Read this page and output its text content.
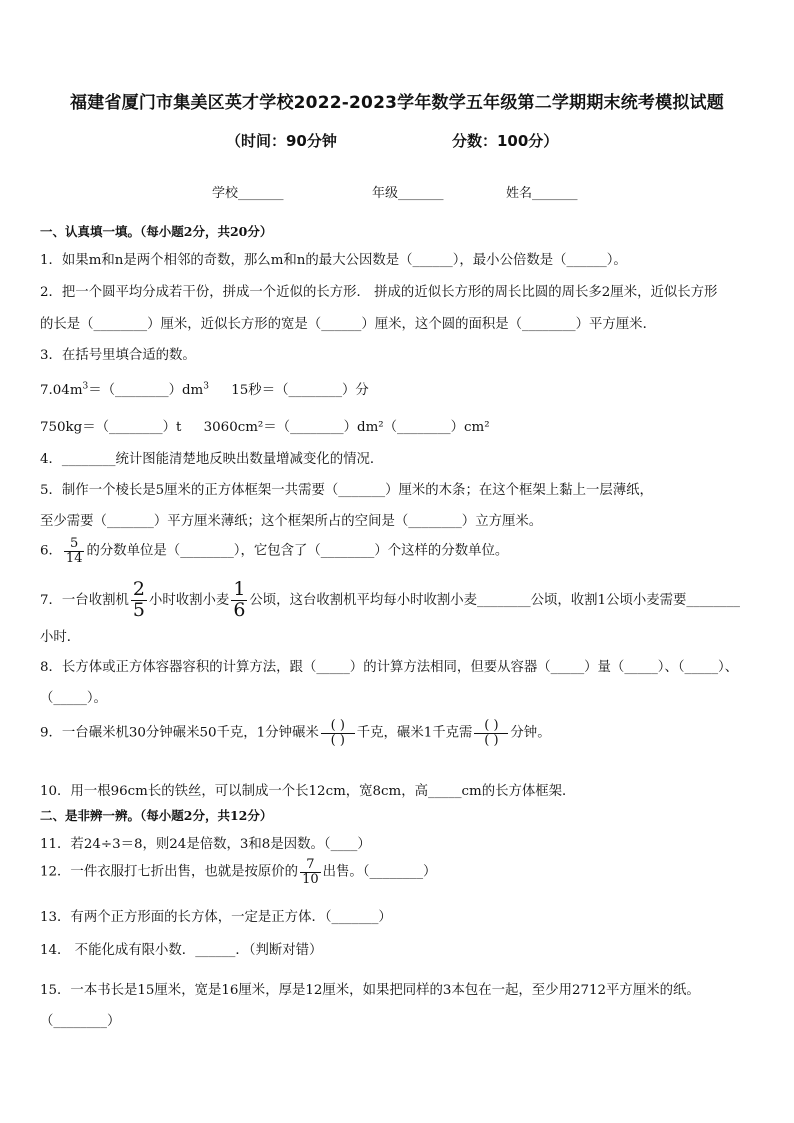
福建省厦门市集美区英才学校2022-2023学年数学五年级第二学期期末统考模拟试题
（时间：90分钟	分数：100分）
学校_______	年级_______	姓名_______
一、认真填一填。（每小题2分，共20分）
1．如果m和n是两个相邻的奇数，那么m和n的最大公因数是（______），最小公倍数是（______）。
2．把一个圆平均分成若干份，拼成一个近似的长方形． 拼成的近似长方形的周长比圆的周长多2厘米，近似长方形
的长是（________）厘米，近似长方形的宽是（______）厘米，这个圆的面积是（________）平方厘米．
3．在括号里填合适的数。
$7.04m^3=(\_\_\_\_\_\_\_\_)dm^3$ 15秒＝（________）分
750kg＝（________）t 3060cm²＝（________）dm²（________）cm²
4．________统计图能清楚地反映出数量增减变化的情况．
5．制作一个棱长是5厘米的正方体框架一共需要（_______）厘米的木条；在这个框架上黏上一层薄纸，
至少需要（_______）平方厘米薄纸；这个框架所占的空间是（________）立方厘米。
6． $\frac{5}{14}$ 的分数单位是（________），它包含了（________）个这样的分数单位。
7．一台收割机 $\frac{2}{5}$ 小时收割小麦 $\frac{1}{6}$ 公顷，这台收割机平均每小时收割小麦________公顷，收割1公顷小麦需要________
小时．
8．长方体或正方体容器容积的计算方法，跟（_____）的计算方法相同，但要从容器（_____）量（_____）、（_____）、
（_____）。
9．一台碾米机30分钟碾米50千克，1分钟碾米 $\frac{( )}{( )}$ 千克，碾米1千克需 $\frac{( )}{( )}$ 分钟。
10．用一根96cm长的铁丝，可以制成一个长12cm，宽8cm，高_____cm的长方体框架．
二、是非辨一辨。（每小题2分，共12分）
11．若24÷3＝8，则24是倍数，3和8是因数。（____）
12．一件衣服打七折出售，也就是按原价的 $\frac{7}{10}$ 出售。（________）
13．有两个正方形面的长方体，一定是正方体．（_______）
14． 不能化成有限小数．______．（判断对错）
15．一本书长是15厘米，宽是16厘米，厚是12厘米，如果把同样的3本包在一起，至少用2712平方厘米的纸。
（________）
